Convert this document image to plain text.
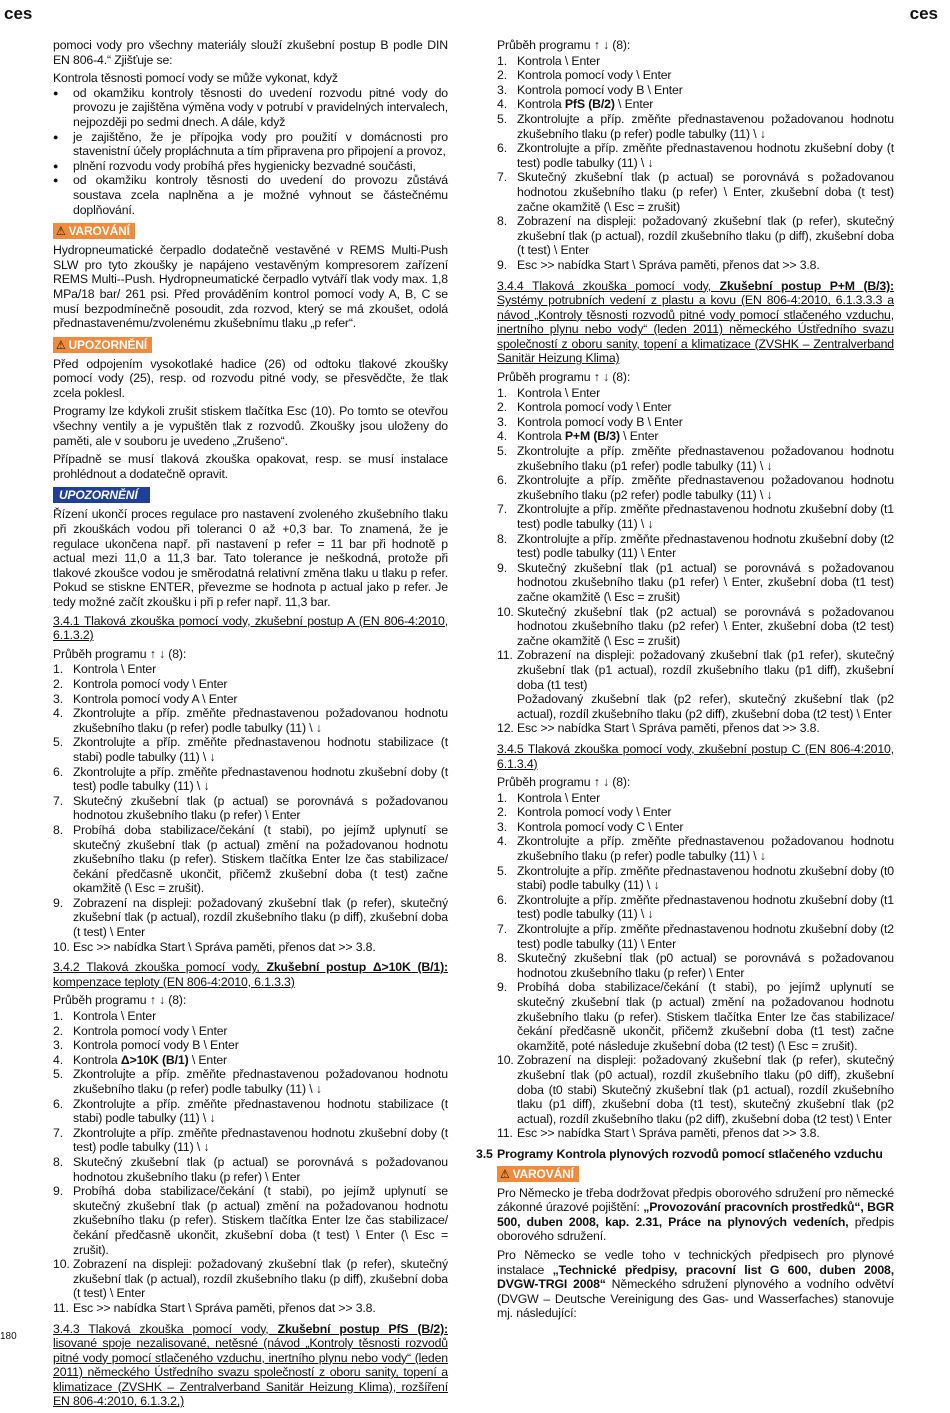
ces	ces
180

pomoci vody pro všechny materiály slouží zkušební postup B podle DIN EN 806-4.“ Zjišťuje se:

Kontrola těsnosti pomocí vody se může vykonat, když

● od okamžiku kontroly těsnosti do uvedení rozvodu pitné vody do provozu je zajištěna výměna vody v potrubí v pravidelných intervalech, nejpozději po sedmi dnech. A dále, když
● je zajištěno, že je přípojka vody pro použití v domácnosti pro stavenistní účely propláchnuta a tím připravena pro připojení a provoz,
● plnění rozvodu vody probíhá přes hygienicky bezvadné součásti,
● od okamžiku kontroly těsnosti do uvedení do provozu zůstává soustava zcela naplněna a je možné vyhnout se částečnému doplňování.
⚠ VAROVÁNÍ

Hydropneumatické čerpadlo dodatečně vestavěné v REMS Multi-Push SLW pro tyto zkoušky je napájeno vestavěným kompresorem zařízení REMS Multi--Push. Hydropneumatické čerpadlo vytváří tlak vody max. 1,8 MPa/18 bar/ 261 psi. Před prováděním kontrol pomocí vody A, B, C se musí bezpodmínečně posoudit, zda rozvod, který se má zkoušet, odolá přednastavenému/zvolenému zkušebnímu tlaku „p refer“.

⚠ UPOZORNĚNÍ

Před odpojením vysokotlaké hadice (26) od odtoku tlakové zkoušky pomocí vody (25), resp. od rozvodu pitné vody, se přesvědčte, že tlak zcela poklesl.

Programy lze kdykoli zrušit stiskem tlačítka Esc (10). Po tomto se otevřou všechny ventily a je vypuštěn tlak z rozvodů. Zkoušky jsou uloženy do paměti, ale v souboru je uvedeno „Zrušeno“.

Případně se musí tlaková zkouška opakovat, resp. se musí instalace prohlédnout a dodatečně opravit.

UPOZORNĚNÍ

Řízení ukončí proces regulace pro nastavení zvoleného zkušebního tlaku při zkouškách vodou při toleranci 0 až +0,3 bar. To znamená, že je regulace ukončena např. při nastavení p refer = 11 bar při hodnotě p actual mezi 11,0 a 11,3 bar. Tato tolerance je neškodná, protože při tlakové zkoušce vodou je směrodatná relativní změna tlaku u tlaku p refer. Pokud se stiskne ENTER, převezme se hodnota p actual jako p refer. Je tedy možné začít zkoušku i při p refer např. 11,3 bar.

3.4.1 Tlaková zkouška pomocí vody, zkušební postup A (EN 806-4:2010, 6.1.3.2)

Průběh programu ↑ ↓ (8):

1. Kontrola \ Enter
2. Kontrola pomocí vody \ Enter
3. Kontrola pomocí vody A \ Enter
4. Zkontrolujte a příp. změňte přednastavenou požadovanou hodnotu zkušebního tlaku (p refer) podle tabulky (11) \ ↓
5. Zkontrolujte a příp. změňte přednastavenou hodnotu stabilizace (t stabi) podle tabulky (11) \ ↓
6. Zkontrolujte a příp. změňte přednastavenou hodnotu zkušební doby (t test) podle tabulky (11) \ ↓
7. Skutečný zkušební tlak (p actual) se porovnává s požadovanou hodnotou zkušebního tlaku (p refer) \ Enter
8. Probíhá doba stabilizace/čekání (t stabi), po jejímž uplynutí se skutečný zkušební tlak (p actual) změní na požadovanou hodnotu zkušebního tlaku (p refer). Stiskem tlačítka Enter lze čas stabilizace/čekání předčasně ukončit, přičemž zkušební doba (t test) začne okamžitě (\ Esc = zrušit).
9. Zobrazení na displeji: požadovaný zkušební tlak (p refer), skutečný zkušební tlak (p actual), rozdíl zkušebního tlaku (p diff), zkušební doba (t test) \ Enter
10. Esc >> nabídka Start \ Správa paměti, přenos dat >> 3.8.

3.4.2 Tlaková zkouška pomocí vody, Zkušební postup Δ>10K (B/1): kompenzace teploty (EN 806-4:2010, 6.1.3.3)

Průběh programu ↑ ↓ (8):

1. Kontrola \ Enter
2. Kontrola pomocí vody \ Enter
3. Kontrola pomocí vody B \ Enter
4. Kontrola Δ>10K (B/1) \ Enter
5. Zkontrolujte a příp. změňte přednastavenou požadovanou hodnotu zkušebního tlaku (p refer) podle tabulky (11) \ ↓
6. Zkontrolujte a příp. změňte přednastavenou hodnotu stabilizace (t stabi) podle tabulky (11) \ ↓
7. Zkontrolujte a příp. změňte přednastavenou hodnotu zkušební doby (t test) podle tabulky (11) \ ↓
8. Skutečný zkušební tlak (p actual) se porovnává s požadovanou hodnotou zkušebního tlaku (p refer) \ Enter
9. Probíhá doba stabilizace/čekání (t stabi), po jejímž uplynutí se skutečný zkušební tlak (p actual) změní na požadovanou hodnotu zkušebního tlaku (p refer). Stiskem tlačítka Enter lze čas stabilizace/čekání předčasně ukončit, zkušební doba (t test) \ Enter (\ Esc = zrušit).
10. Zobrazení na displeji: požadovaný zkušební tlak (p refer), skutečný zkušební tlak (p actual), rozdíl zkušebního tlaku (p diff), zkušební doba (t test) \ Enter
11. Esc >> nabídka Start \ Správa paměti, přenos dat >> 3.8.

3.4.3 Tlaková zkouška pomocí vody, Zkušební postup PfS (B/2): lisované spoje nezalisované, netěsné (návod „Kontroly těsnosti rozvodů pitné vody pomocí stlačeného vzduchu, inertního plynu nebo vody“ (leden 2011) německého Ústředního svazu společností z oboru sanity, topení a klimatizace (ZVSHK – Zentralverband Sanitär Heizung Klima), rozšíření EN 806-4:2010, 6.1.3.2,)

Průběh programu ↑ ↓ (8):

1. Kontrola \ Enter
2. Kontrola pomocí vody \ Enter
3. Kontrola pomocí vody B \ Enter
4. Kontrola PfS (B/2) \ Enter
5. Zkontrolujte a příp. změňte přednastavenou požadovanou hodnotu zkušebního tlaku (p refer) podle tabulky (11) \ ↓
6. Zkontrolujte a příp. změňte přednastavenou hodnotu zkušební doby (t test) podle tabulky (11) \ ↓
7. Skutečný zkušební tlak (p actual) se porovnává s požadovanou hodnotou zkušebního tlaku (p refer) \ Enter, zkušební doba (t test) začne okamžitě (\ Esc = zrušit)
8. Zobrazení na displeji: požadovaný zkušební tlak (p refer), skutečný zkušební tlak (p actual), rozdíl zkušebního tlaku (p diff), zkušební doba (t test) \ Enter
9. Esc >> nabídka Start \ Správa paměti, přenos dat >> 3.8.

3.4.4 Tlaková zkouška pomocí vody, Zkušební postup P+M (B/3): Systémy potrubních vedení z plastu a kovu (EN 806-4:2010, 6.1.3.3.3 a návod „Kontroly těsnosti rozvodů pitné vody pomocí stlačeného vzduchu, inertního plynu nebo vody“ (leden 2011) německého Ústředního svazu společností z oboru sanity, topení a klimatizace (ZVSHK – Zentralverband Sanitär Heizung Klima)

Průběh programu ↑ ↓ (8):

1. Kontrola \ Enter
2. Kontrola pomocí vody \ Enter
3. Kontrola pomocí vody B \ Enter
4. Kontrola P+M (B/3) \ Enter
5. Zkontrolujte a příp. změňte přednastavenou požadovanou hodnotu zkušebního tlaku (p1 refer) podle tabulky (11) \ ↓
6. Zkontrolujte a příp. změňte přednastavenou požadovanou hodnotu zkušebního tlaku (p2 refer) podle tabulky (11) \ ↓
7. Zkontrolujte a příp. změňte přednastavenou hodnotu zkušební doby (t1 test) podle tabulky (11) \ ↓
8. Zkontrolujte a příp. změňte přednastavenou hodnotu zkušební doby (t2 test) podle tabulky (11) \ Enter
9. Skutečný zkušební tlak (p1 actual) se porovnává s požadovanou hodnotou zkušebního tlaku (p1 refer) \ Enter, zkušební doba (t1 test) začne okamžitě (\ Esc = zrušit)
10. Skutečný zkušební tlak (p2 actual) se porovnává s požadovanou hodnotou zkušebního tlaku (p2 refer) \ Enter, zkušební doba (t2 test) začne okamžitě (\ Esc = zrušit)
11. Zobrazení na displeji: požadovaný zkušební tlak (p1 refer), skutečný zkušební tlak (p1 actual), rozdíl zkušebního tlaku (p1 diff), zkušební doba (t1 test)
Požadovaný zkušební tlak (p2 refer), skutečný zkušební tlak (p2 actual), rozdíl zkušebního tlaku (p2 diff), zkušební doba (t2 test) \ Enter
12. Esc >> nabídka Start \ Správa paměti, přenos dat >> 3.8.

3.4.5 Tlaková zkouška pomocí vody, zkušební postup C (EN 806-4:2010, 6.1.3.4)

Průběh programu ↑ ↓ (8):

1. Kontrola \ Enter
2. Kontrola pomocí vody \ Enter
3. Kontrola pomocí vody C \ Enter
4. Zkontrolujte a příp. změňte přednastavenou požadovanou hodnotu zkušebního tlaku (p refer) podle tabulky (11) \ ↓
5. Zkontrolujte a příp. změňte přednastavenou hodnotu zkušební doby (t0 stabi) podle tabulky (11) \ ↓
6. Zkontrolujte a příp. změňte přednastavenou hodnotu zkušební doby (t1 test) podle tabulky (11) \ ↓
7. Zkontrolujte a příp. změňte přednastavenou hodnotu zkušební doby (t2 test) podle tabulky (11) \ Enter
8. Skutečný zkušební tlak (p0 actual) se porovnává s požadovanou hodnotou zkušebního tlaku (p refer) \ Enter
9. Probíhá doba stabilizace/čekání (t stabi), po jejímž uplynutí se skutečný zkušební tlak (p actual) změní na požadovanou hodnotu zkušebního tlaku (p refer). Stiskem tlačítka Enter lze čas stabilizace/čekání předčasně ukončit, přičemž zkušební doba (t1 test) začne okamžitě, poté následuje zkušební doba (t2 test) (\ Esc = zrušit).
10. Zobrazení na displeji: požadovaný zkušební tlak (p refer), skutečný zkušební tlak (p0 actual), rozdíl zkušebního tlaku (p0 diff), zkušební doba (t0 stabi) Skutečný zkušební tlak (p1 actual), rozdíl zkušebního tlaku (p1 diff), zkušební doba (t1 test), skutečný zkušební tlak (p2 actual), rozdíl zkušebního tlaku (p2 diff), zkušební doba (t2 test) \ Enter
11. Esc >> nabídka Start \ Správa paměti, přenos dat >> 3.8.
3.5 Programy Kontrola plynových rozvodů pomocí stlačeného vzduchu
⚠ VAROVÁNÍ

Pro Německo je třeba dodržovat předpis oborového sdružení pro německé zákonné úrazové pojištění: „Provozování pracovních prostředků“, BGR 500, duben 2008, kap. 2.31, Práce na plynových vedeních, předpis oborového sdružení.

Pro Německo se vedle toho v technických předpisech pro plynové instalace „Technické předpisy, pracovní list G 600, duben 2008, DVGW-TRGI 2008“ Německého sdružení plynového a vodního odvětví (DVGW – Deutsche Vereinigung des Gas- und Wasserfaches) stanovuje mj. následující:
